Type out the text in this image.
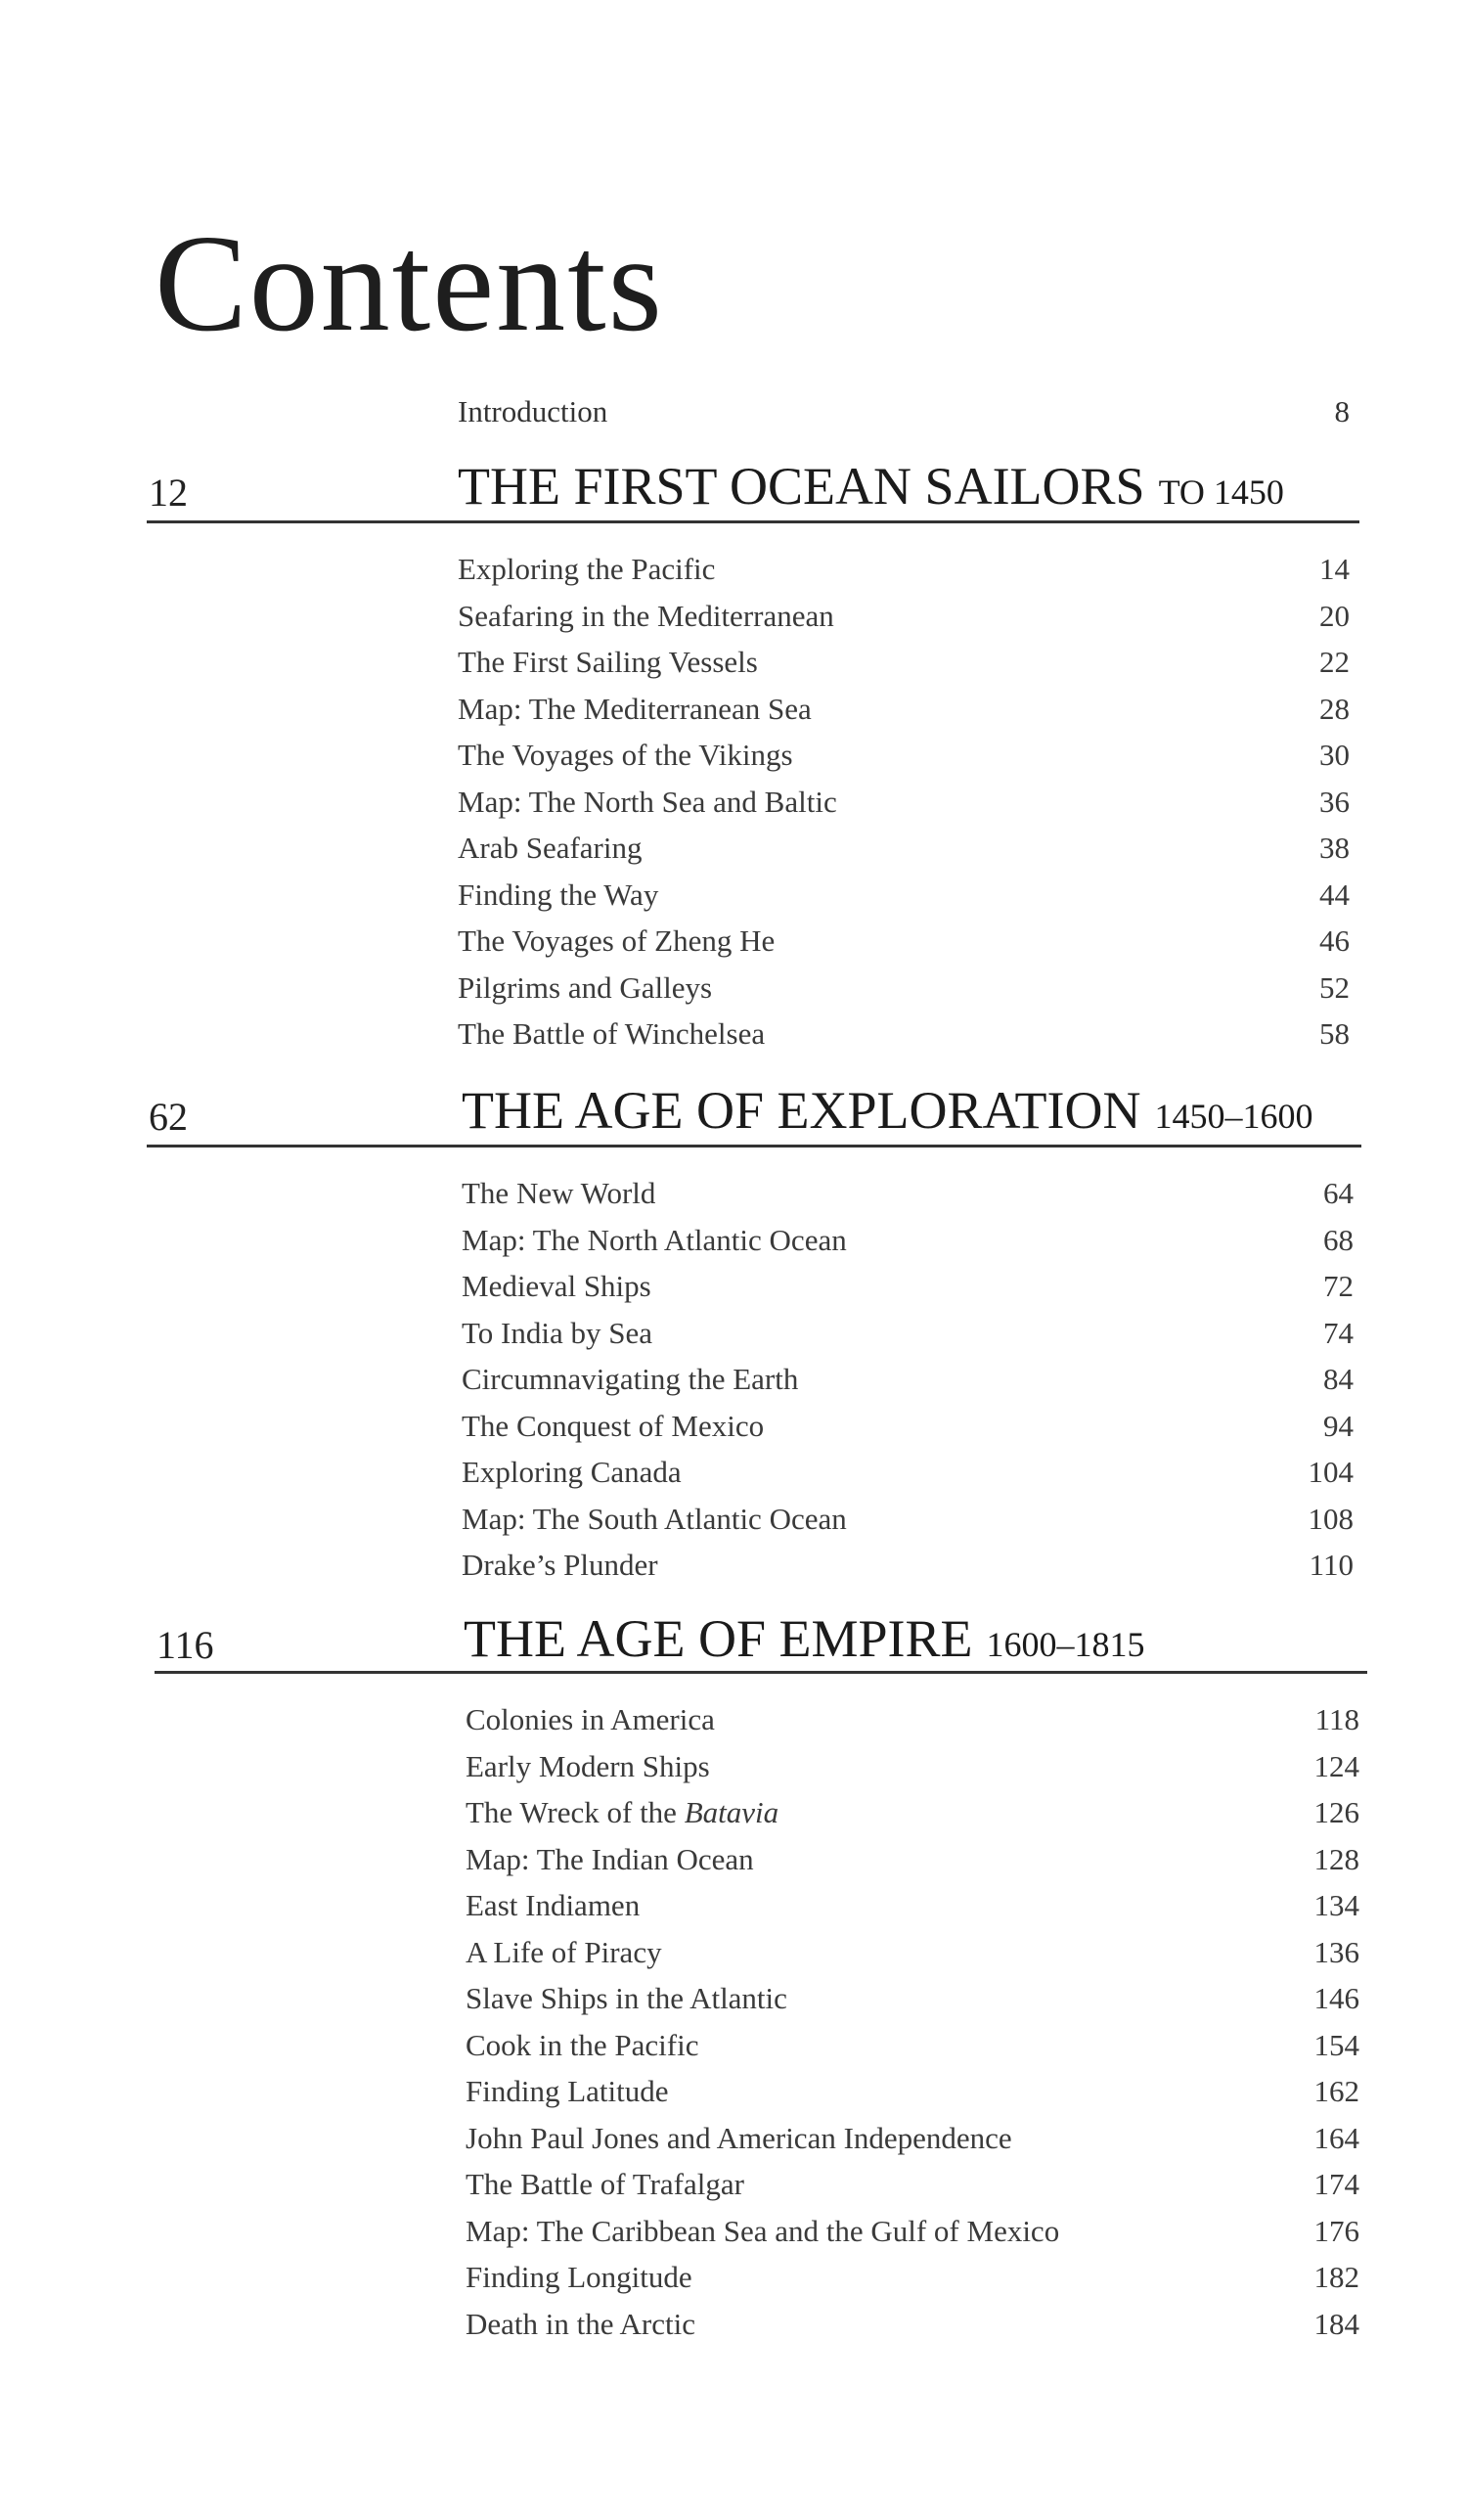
Contents
Introduction	8
12	THE FIRST OCEAN SAILORS TO 1450
Exploring the Pacific	14
Seafaring in the Mediterranean	20
The First Sailing Vessels	22
Map: The Mediterranean Sea	28
The Voyages of the Vikings	30
Map: The North Sea and Baltic	36
Arab Seafaring	38
Finding the Way	44
The Voyages of Zheng He	46
Pilgrims and Galleys	52
The Battle of Winchelsea	58
62	THE AGE OF EXPLORATION 1450–1600
The New World	64
Map: The North Atlantic Ocean	68
Medieval Ships	72
To India by Sea	74
Circumnavigating the Earth	84
The Conquest of Mexico	94
Exploring Canada	104
Map: The South Atlantic Ocean	108
Drake’s Plunder	110
116	THE AGE OF EMPIRE 1600–1815
Colonies in America	118
Early Modern Ships	124
The Wreck of the Batavia	126
Map: The Indian Ocean	128
East Indiamen	134
A Life of Piracy	136
Slave Ships in the Atlantic	146
Cook in the Pacific	154
Finding Latitude	162
John Paul Jones and American Independence	164
The Battle of Trafalgar	174
Map: The Caribbean Sea and the Gulf of Mexico	176
Finding Longitude	182
Death in the Arctic	184
